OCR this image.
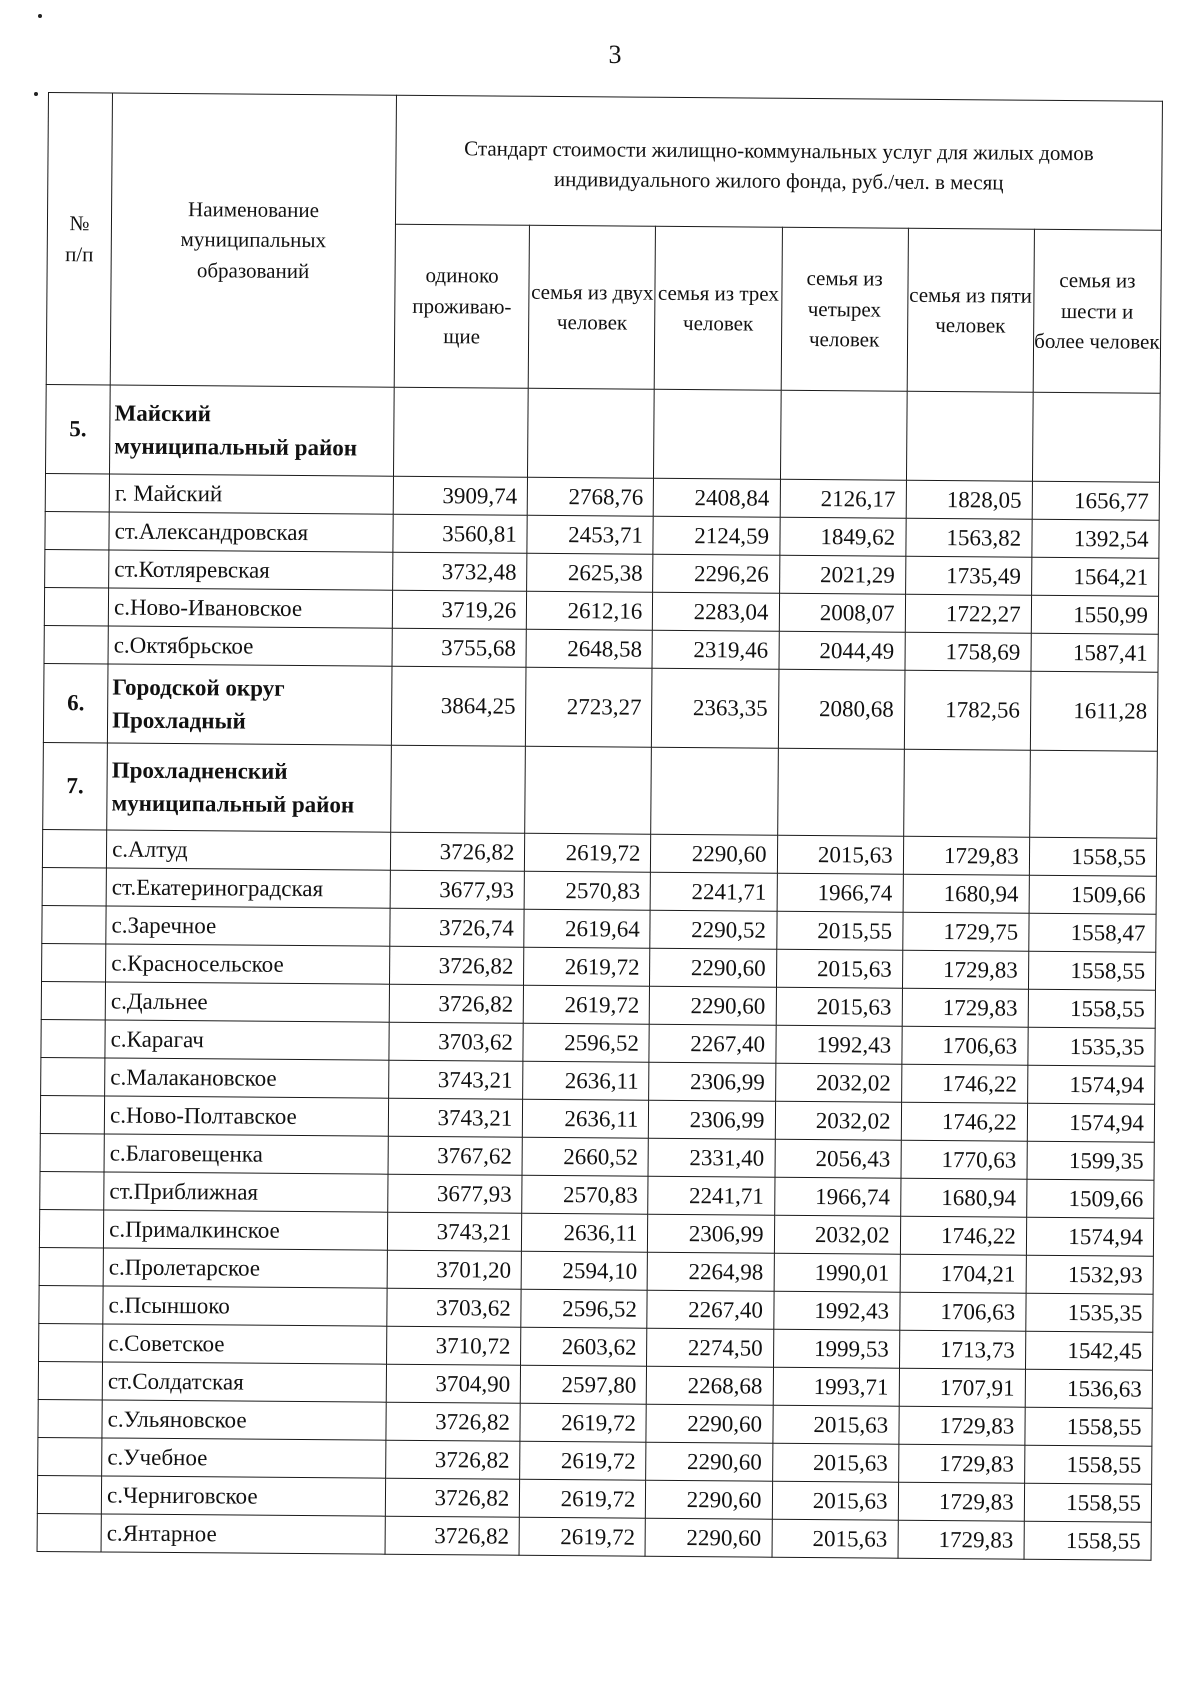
3
№
п/п	Наименование муниципальных образований	Стандарт стоимости жилищно-коммунальных услуг для жилых домов индивидуального жилого фонда, руб./чел. в месяц					
		одиноко проживаю-щие	семья из двух человек	семья из трех человек	семья из четырех человек	семья из пяти человек	семья из шести и более человек
5.	Майский муниципальный район						
	г. Майский	3909,74	2768,76	2408,84	2126,17	1828,05	1656,77
	ст.Александровская	3560,81	2453,71	2124,59	1849,62	1563,82	1392,54
	ст.Котляревская	3732,48	2625,38	2296,26	2021,29	1735,49	1564,21
	с.Ново-Ивановское	3719,26	2612,16	2283,04	2008,07	1722,27	1550,99
	с.Октябрьское	3755,68	2648,58	2319,46	2044,49	1758,69	1587,41
6.	Городской округ Прохладный	3864,25	2723,27	2363,35	2080,68	1782,56	1611,28
7.	Прохладненский муниципальный район						
	с.Алтуд	3726,82	2619,72	2290,60	2015,63	1729,83	1558,55
	ст.Екатериноградская	3677,93	2570,83	2241,71	1966,74	1680,94	1509,66
	с.Заречное	3726,74	2619,64	2290,52	2015,55	1729,75	1558,47
	с.Красносельское	3726,82	2619,72	2290,60	2015,63	1729,83	1558,55
	с.Дальнее	3726,82	2619,72	2290,60	2015,63	1729,83	1558,55
	с.Карагач	3703,62	2596,52	2267,40	1992,43	1706,63	1535,35
	с.Малакановское	3743,21	2636,11	2306,99	2032,02	1746,22	1574,94
	с.Ново-Полтавское	3743,21	2636,11	2306,99	2032,02	1746,22	1574,94
	с.Благовещенка	3767,62	2660,52	2331,40	2056,43	1770,63	1599,35
	ст.Приближная	3677,93	2570,83	2241,71	1966,74	1680,94	1509,66
	с.Прималкинское	3743,21	2636,11	2306,99	2032,02	1746,22	1574,94
	с.Пролетарское	3701,20	2594,10	2264,98	1990,01	1704,21	1532,93
	с.Псыншоко	3703,62	2596,52	2267,40	1992,43	1706,63	1535,35
	с.Советское	3710,72	2603,62	2274,50	1999,53	1713,73	1542,45
	ст.Солдатская	3704,90	2597,80	2268,68	1993,71	1707,91	1536,63
	с.Ульяновское	3726,82	2619,72	2290,60	2015,63	1729,83	1558,55
	с.Учебное	3726,82	2619,72	2290,60	2015,63	1729,83	1558,55
	с.Черниговское	3726,82	2619,72	2290,60	2015,63	1729,83	1558,55
	с.Янтарное	3726,82	2619,72	2290,60	2015,63	1729,83	1558,55
